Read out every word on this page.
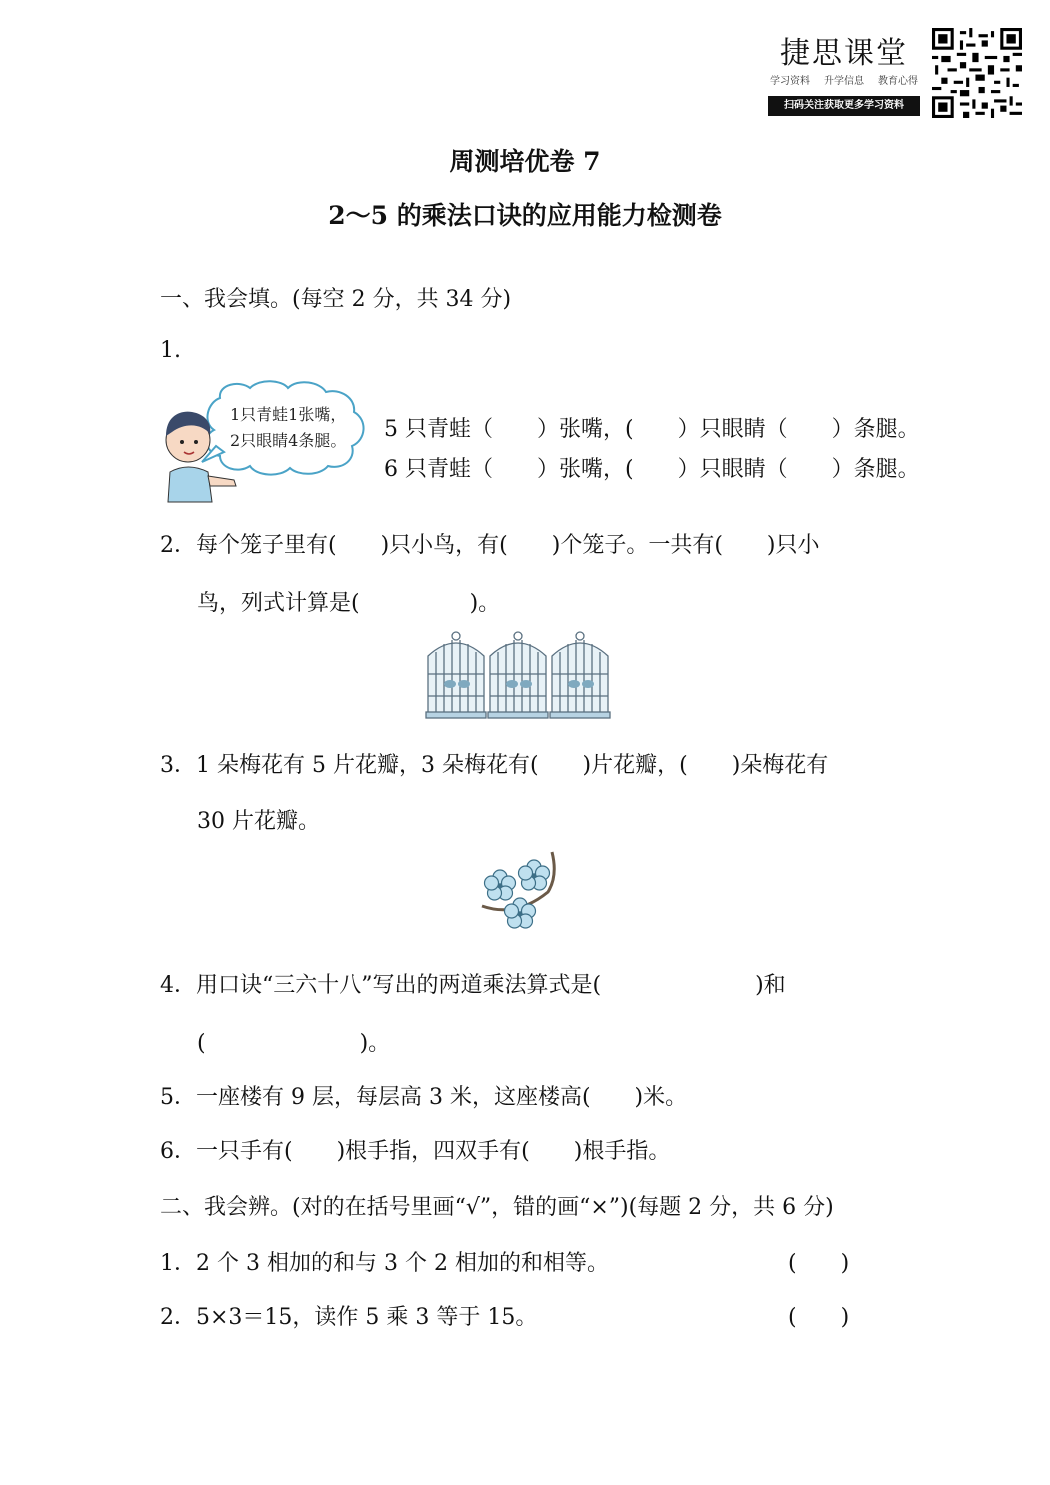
捷思课堂
学习资料 升学信息 教育心得
扫码关注获取更多学习资料
周测培优卷 7
2～5 的乘法口诀的应用能力检测卷
一、我会填。(每空 2 分，共 34 分)
1.
1只青蛙1张嘴，
2只眼睛4条腿。 5 只青蛙（　　）张嘴，(　　）只眼睛（　　）条腿。
6 只青蛙（　　）张嘴，(　　）只眼睛（　　）条腿。
2．每个笼子里有(　　)只小鸟，有(　　)个笼子。一共有(　　)只小
鸟，列式计算是(　　　　　)。
3．1 朵梅花有 5 片花瓣，3 朵梅花有(　　)片花瓣，(　　)朵梅花有
30 片花瓣。
4．用口诀“三六十八”写出的两道乘法算式是(　　　　　　　)和
(　　　　　　　)。
5．一座楼有 9 层，每层高 3 米，这座楼高(　　)米。
6．一只手有(　　)根手指，四双手有(　　)根手指。
二、我会辨。(对的在括号里画“√”，错的画“×”)(每题 2 分，共 6 分)
1．2 个 3 相加的和与 3 个 2 相加的和相等。	(　　)
2．5×3＝15，读作 5 乘 3 等于 15。	(　　)
